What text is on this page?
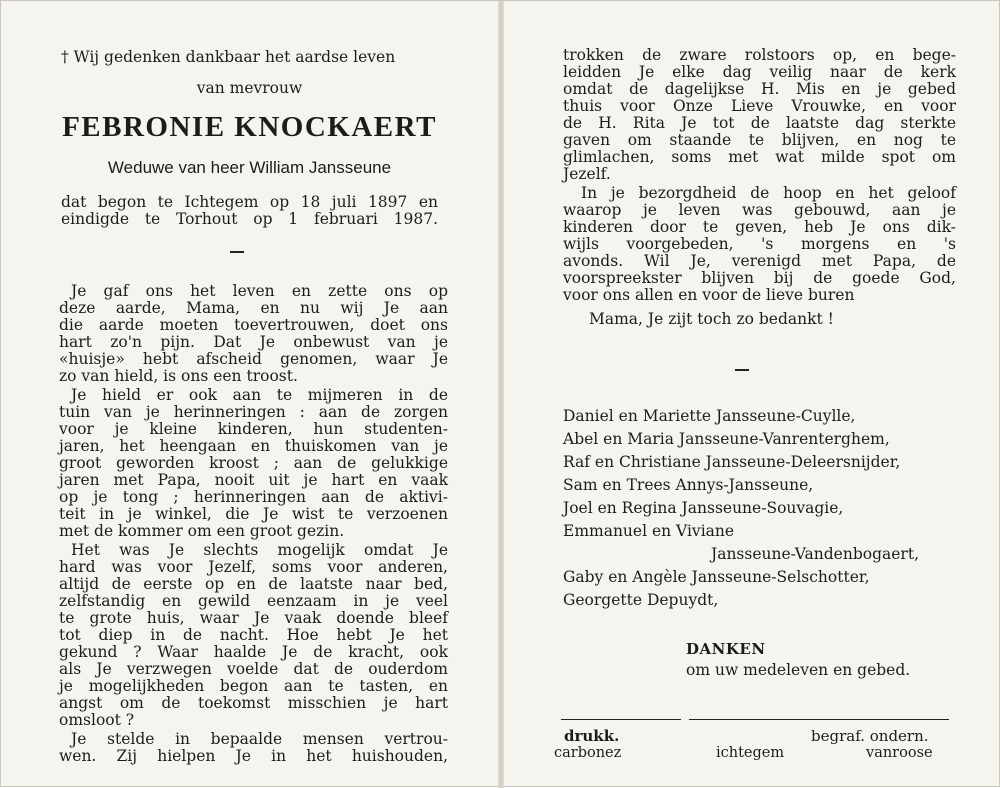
† Wij gedenken dankbaar het aardse leven
van mevrouw
FEBRONIE KNOCKAERT
Weduwe van heer William Jansseune
dat begon te Ichtegem op 18 juli 1897 en
eindigde te Torhout op 1 februari 1987.
Je gaf ons het leven en zette ons op
deze aarde, Mama, en nu wij Je aan
die aarde moeten toevertrouwen, doet ons
hart zo'n pijn. Dat Je onbewust van je
«huisje» hebt afscheid genomen, waar Je
zo van hield, is ons een troost.
Je hield er ook aan te mijmeren in de
tuin van je herinneringen : aan de zorgen
voor je kleine kinderen, hun studenten-
jaren, het heengaan en thuiskomen van je
groot geworden kroost ; aan de gelukkige
jaren met Papa, nooit uit je hart en vaak
op je tong ; herinneringen aan de aktivi-
teit in je winkel, die Je wist te verzoenen
met de kommer om een groot gezin.
Het was Je slechts mogelijk omdat Je
hard was voor Jezelf, soms voor anderen,
altijd de eerste op en de laatste naar bed,
zelfstandig en gewild eenzaam in je veel
te grote huis, waar Je vaak doende bleef
tot diep in de nacht. Hoe hebt Je het
gekund ? Waar haalde Je de kracht, ook
als Je verzwegen voelde dat de ouderdom
je mogelijkheden begon aan te tasten, en
angst om de toekomst misschien je hart
omsloot ?
Je stelde in bepaalde mensen vertrou-
wen. Zij hielpen Je in het huishouden,
trokken de zware rolstoors op, en bege-
leidden Je elke dag veilig naar de kerk
omdat de dagelijkse H. Mis en je gebed
thuis voor Onze Lieve Vrouwke, en voor
de H. Rita Je tot de laatste dag sterkte
gaven om staande te blijven, en nog te
glimlachen, soms met wat milde spot om
Jezelf.
In je bezorgdheid de hoop en het geloof
waarop je leven was gebouwd, aan je
kinderen door te geven, heb Je ons dik-
wijls voorgebeden, 's morgens en 's
avonds. Wil Je, verenigd met Papa, de
voorspreekster blijven bij de goede God,
voor ons allen en voor de lieve buren
Mama, Je zijt toch zo bedankt !
Daniel en Mariette Jansseune-Cuylle,
Abel en Maria Jansseune-Vanrenterghem,
Raf en Christiane Jansseune-Deleersnijder,
Sam en Trees Annys-Jansseune,
Joel en Regina Jansseune-Souvagie,
Emmanuel en Viviane
Jansseune-Vandenbogaert,
Gaby en Angèle Jansseune-Selschotter,
Georgette Depuydt,
DANKEN
om uw medeleven en gebed.
drukk.
carbonez	ichtegem
begraf. ondern.
vanroose
